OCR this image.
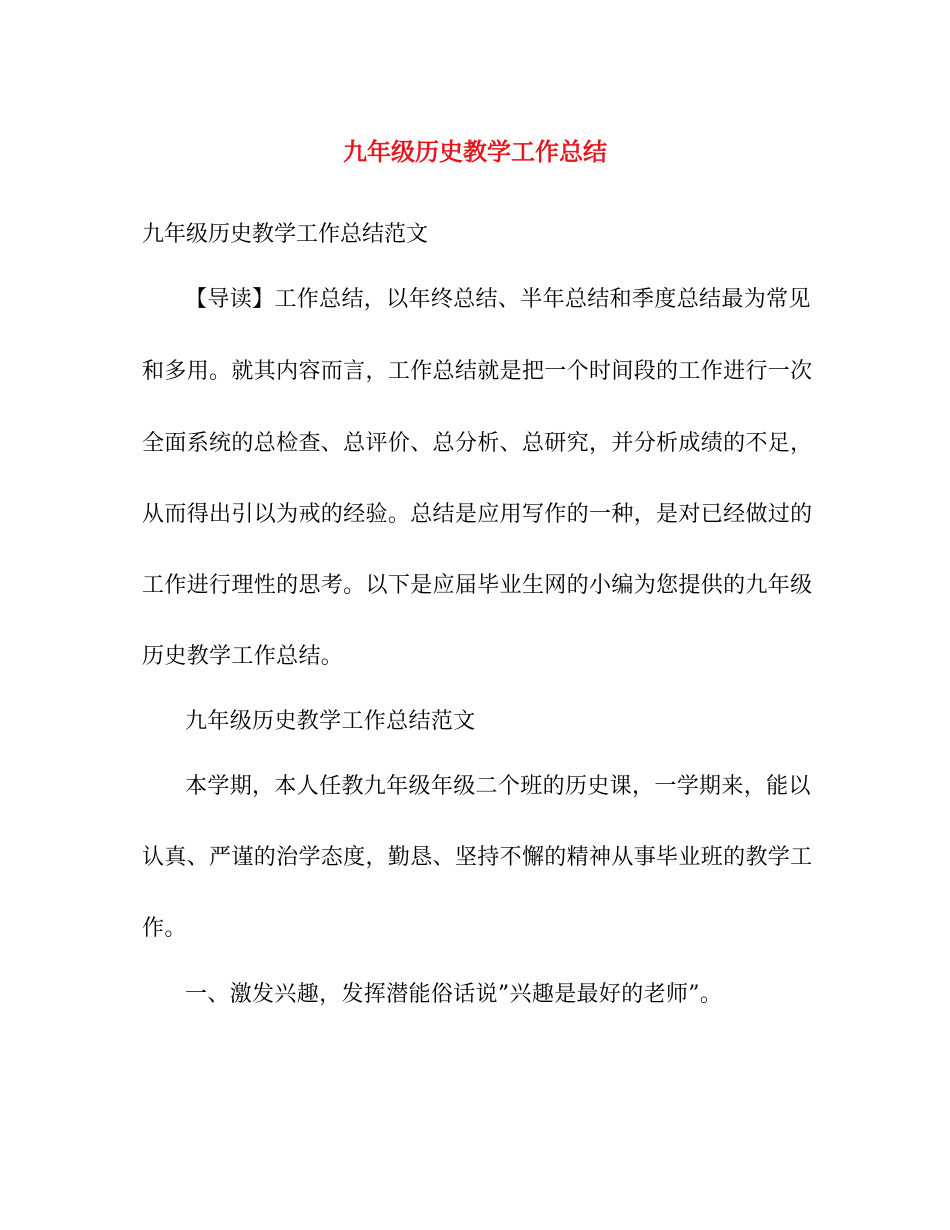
九年级历史教学工作总结
九年级历史教学工作总结范文
【导读】工作总结，以年终总结、半年总结和季度总结最为常见
和多用。就其内容而言，工作总结就是把一个时间段的工作进行一次
全面系统的总检查、总评价、总分析、总研究，并分析成绩的不足，
从而得出引以为戒的经验。总结是应用写作的一种，是对已经做过的
工作进行理性的思考。以下是应届毕业生网的小编为您提供的九年级
历史教学工作总结。
九年级历史教学工作总结范文
本学期，本人任教九年级年级二个班的历史课，一学期来，能以
认真、严谨的治学态度，勤恳、坚持不懈的精神从事毕业班的教学工
作。
一、激发兴趣，发挥潜能俗话说”兴趣是最好的老师”。
